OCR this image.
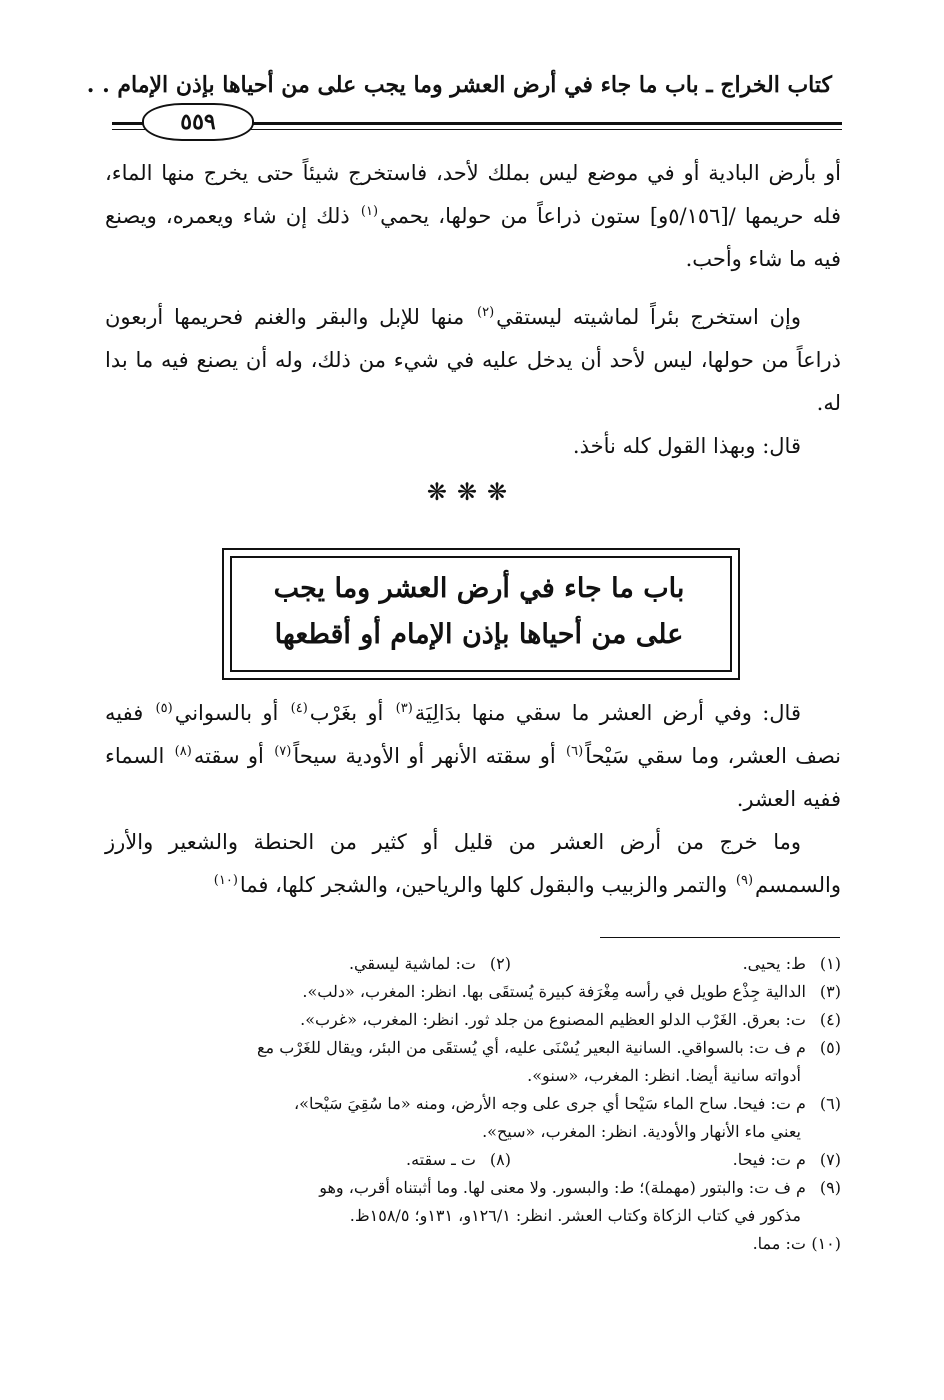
كتاب الخراج ـ باب ما جاء في أرض العشر وما يجب على من أحياها بإذن الإمام . .
٥٥٩

أو بأرض البادية أو في موضع ليس بملك لأحد، فاستخرج شيئاً حتى يخرج منها الماء، فله حريمها /[٥/١٥٦و] ستون ذراعاً من حولها، يحمي$^{(١)}$ ذلك إن شاء ويعمره، ويصنع فيه ما شاء وأحب.

وإن استخرج بئراً لماشيته ليستقي$^{(٢)}$ منها للإبل والبقر والغنم فحريمها أربعون ذراعاً من حولها، ليس لأحد أن يدخل عليه في شيء من ذلك، وله أن يصنع فيه ما بدا له.

قال: وبهذا القول كله نأخذ.

❋❋❋
باب ما جاء في أرض العشر وما يجب
على من أحياها بإذن الإمام أو أقطعها

قال: وفي أرض العشر ما سقي منها بدَالِيَة$^{(٣)}$ أو بغَرْب$^{(٤)}$ أو بالسواني$^{(٥)}$ ففيه نصف العشر، وما سقي سَيْحاً$^{(٦)}$ أو سقته الأنهر أو الأودية سيحاً$^{(٧)}$ أو سقته$^{(٨)}$ السماء ففيه العشر.

وما خرج من أرض العشر من قليل أو كثير من الحنطة والشعير والأرز والسمسم$^{(٩)}$ والتمر والزبيب والبقول كلها والرياحين، والشجر كلها، فما$^{(١٠)}$

(١) ط: يحيى.

(٢) ت: لماشية ليسقي.

(٣) الدالية جِذْع طويل في رأسه مِغْرَفة كبيرة يُستقَى بها. انظر: المغرب، «دلب».

(٤) ت: بعرق. الغَرْب الدلو العظيم المصنوع من جلد ثور. انظر: المغرب، «غرب».

(٥) م ف ت: بالسواقي. السانية البعير يُسْنَى عليه، أي يُستقَى من البئر، ويقال للغَرْب مع

أدواته سانية أيضا. انظر: المغرب، «سنو».

(٦) م ت: فيحا. ساح الماء سَيْحا أي جرى على وجه الأرض، ومنه «ما سُقِيَ سَيْحا»،

يعني ماء الأنهار والأودية. انظر: المغرب، «سيح».

(٧) م ت: فيحا.

(٨) ت ـ سقته.

(٩) م ف ت: والبتور (مهملة)؛ ط: والبسور. ولا معنى لها. وما أثبتناه أقرب، وهو

مذكور في كتاب الزكاة وكتاب العشر. انظر: ١٢٦/١و، ١٣١و؛ ١٥٨/٥ظ.

(١٠) ت: مما.
